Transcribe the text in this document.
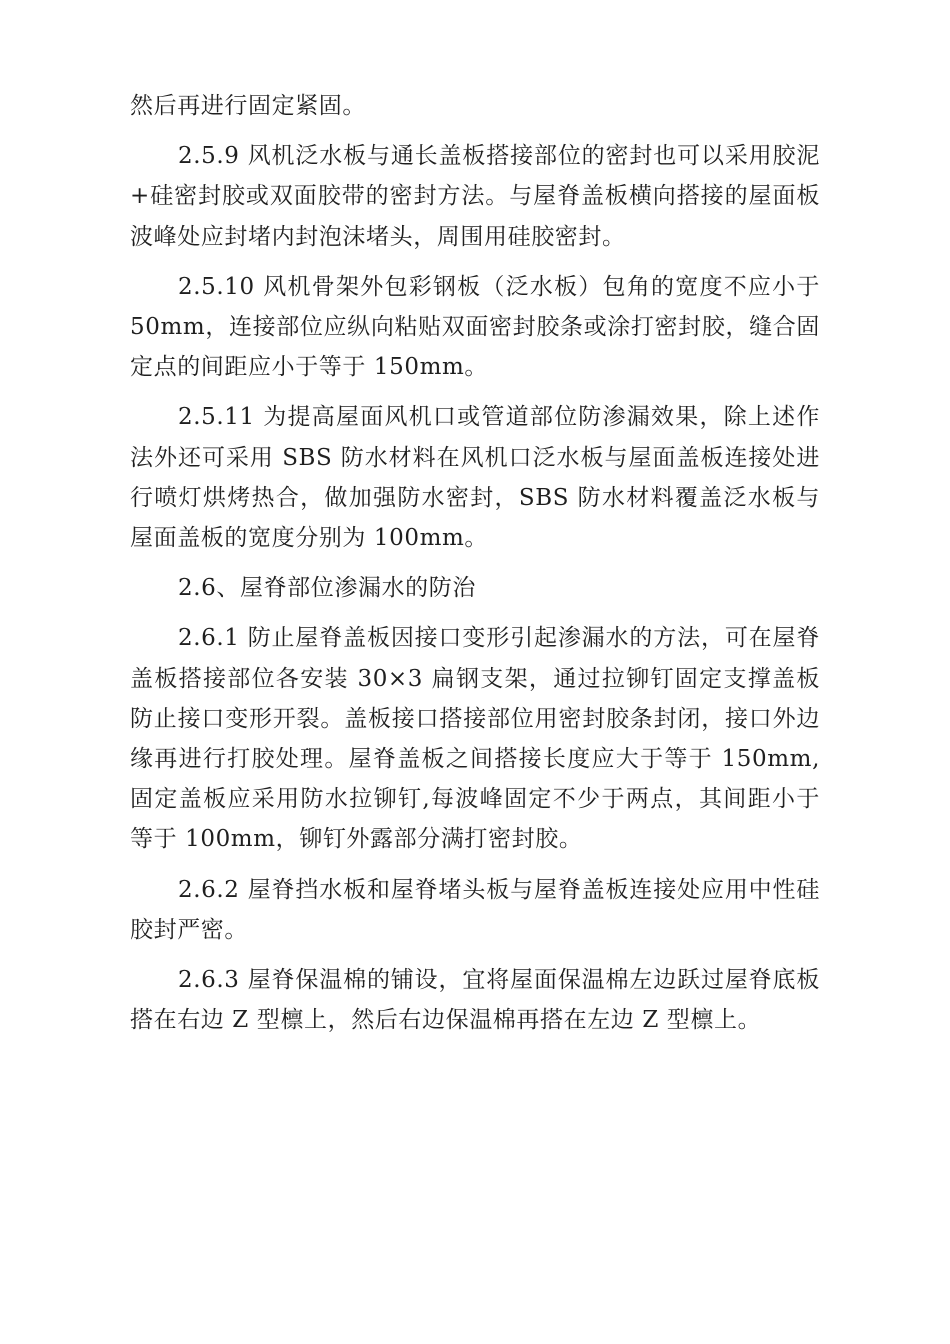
然后再进行固定紧固。

2.5.9 风机泛水板与通长盖板搭接部位的密封也可以采用胶泥+硅密封胶或双面胶带的密封方法。与屋脊盖板横向搭接的屋面板波峰处应封堵内封泡沫堵头，周围用硅胶密封。

2.5.10 风机骨架外包彩钢板（泛水板）包角的宽度不应小于 50mm，连接部位应纵向粘贴双面密封胶条或涂打密封胶，缝合固定点的间距应小于等于 150mm。

2.5.11 为提高屋面风机口或管道部位防渗漏效果，除上述作法外还可采用 SBS 防水材料在风机口泛水板与屋面盖板连接处进行喷灯烘烤热合，做加强防水密封，SBS 防水材料覆盖泛水板与屋面盖板的宽度分别为 100mm。

2.6、屋脊部位渗漏水的防治

2.6.1 防止屋脊盖板因接口变形引起渗漏水的方法，可在屋脊盖板搭接部位各安装 30×3 扁钢支架，通过拉铆钉固定支撑盖板防止接口变形开裂。盖板接口搭接部位用密封胶条封闭，接口外边缘再进行打胶处理。屋脊盖板之间搭接长度应大于等于 150mm,固定盖板应采用防水拉铆钉,每波峰固定不少于两点，其间距小于等于 100mm，铆钉外露部分满打密封胶。

2.6.2 屋脊挡水板和屋脊堵头板与屋脊盖板连接处应用中性硅胶封严密。

2.6.3 屋脊保温棉的铺设，宜将屋面保温棉左边跃过屋脊底板搭在右边 Z 型檩上，然后右边保温棉再搭在左边 Z 型檩上。
